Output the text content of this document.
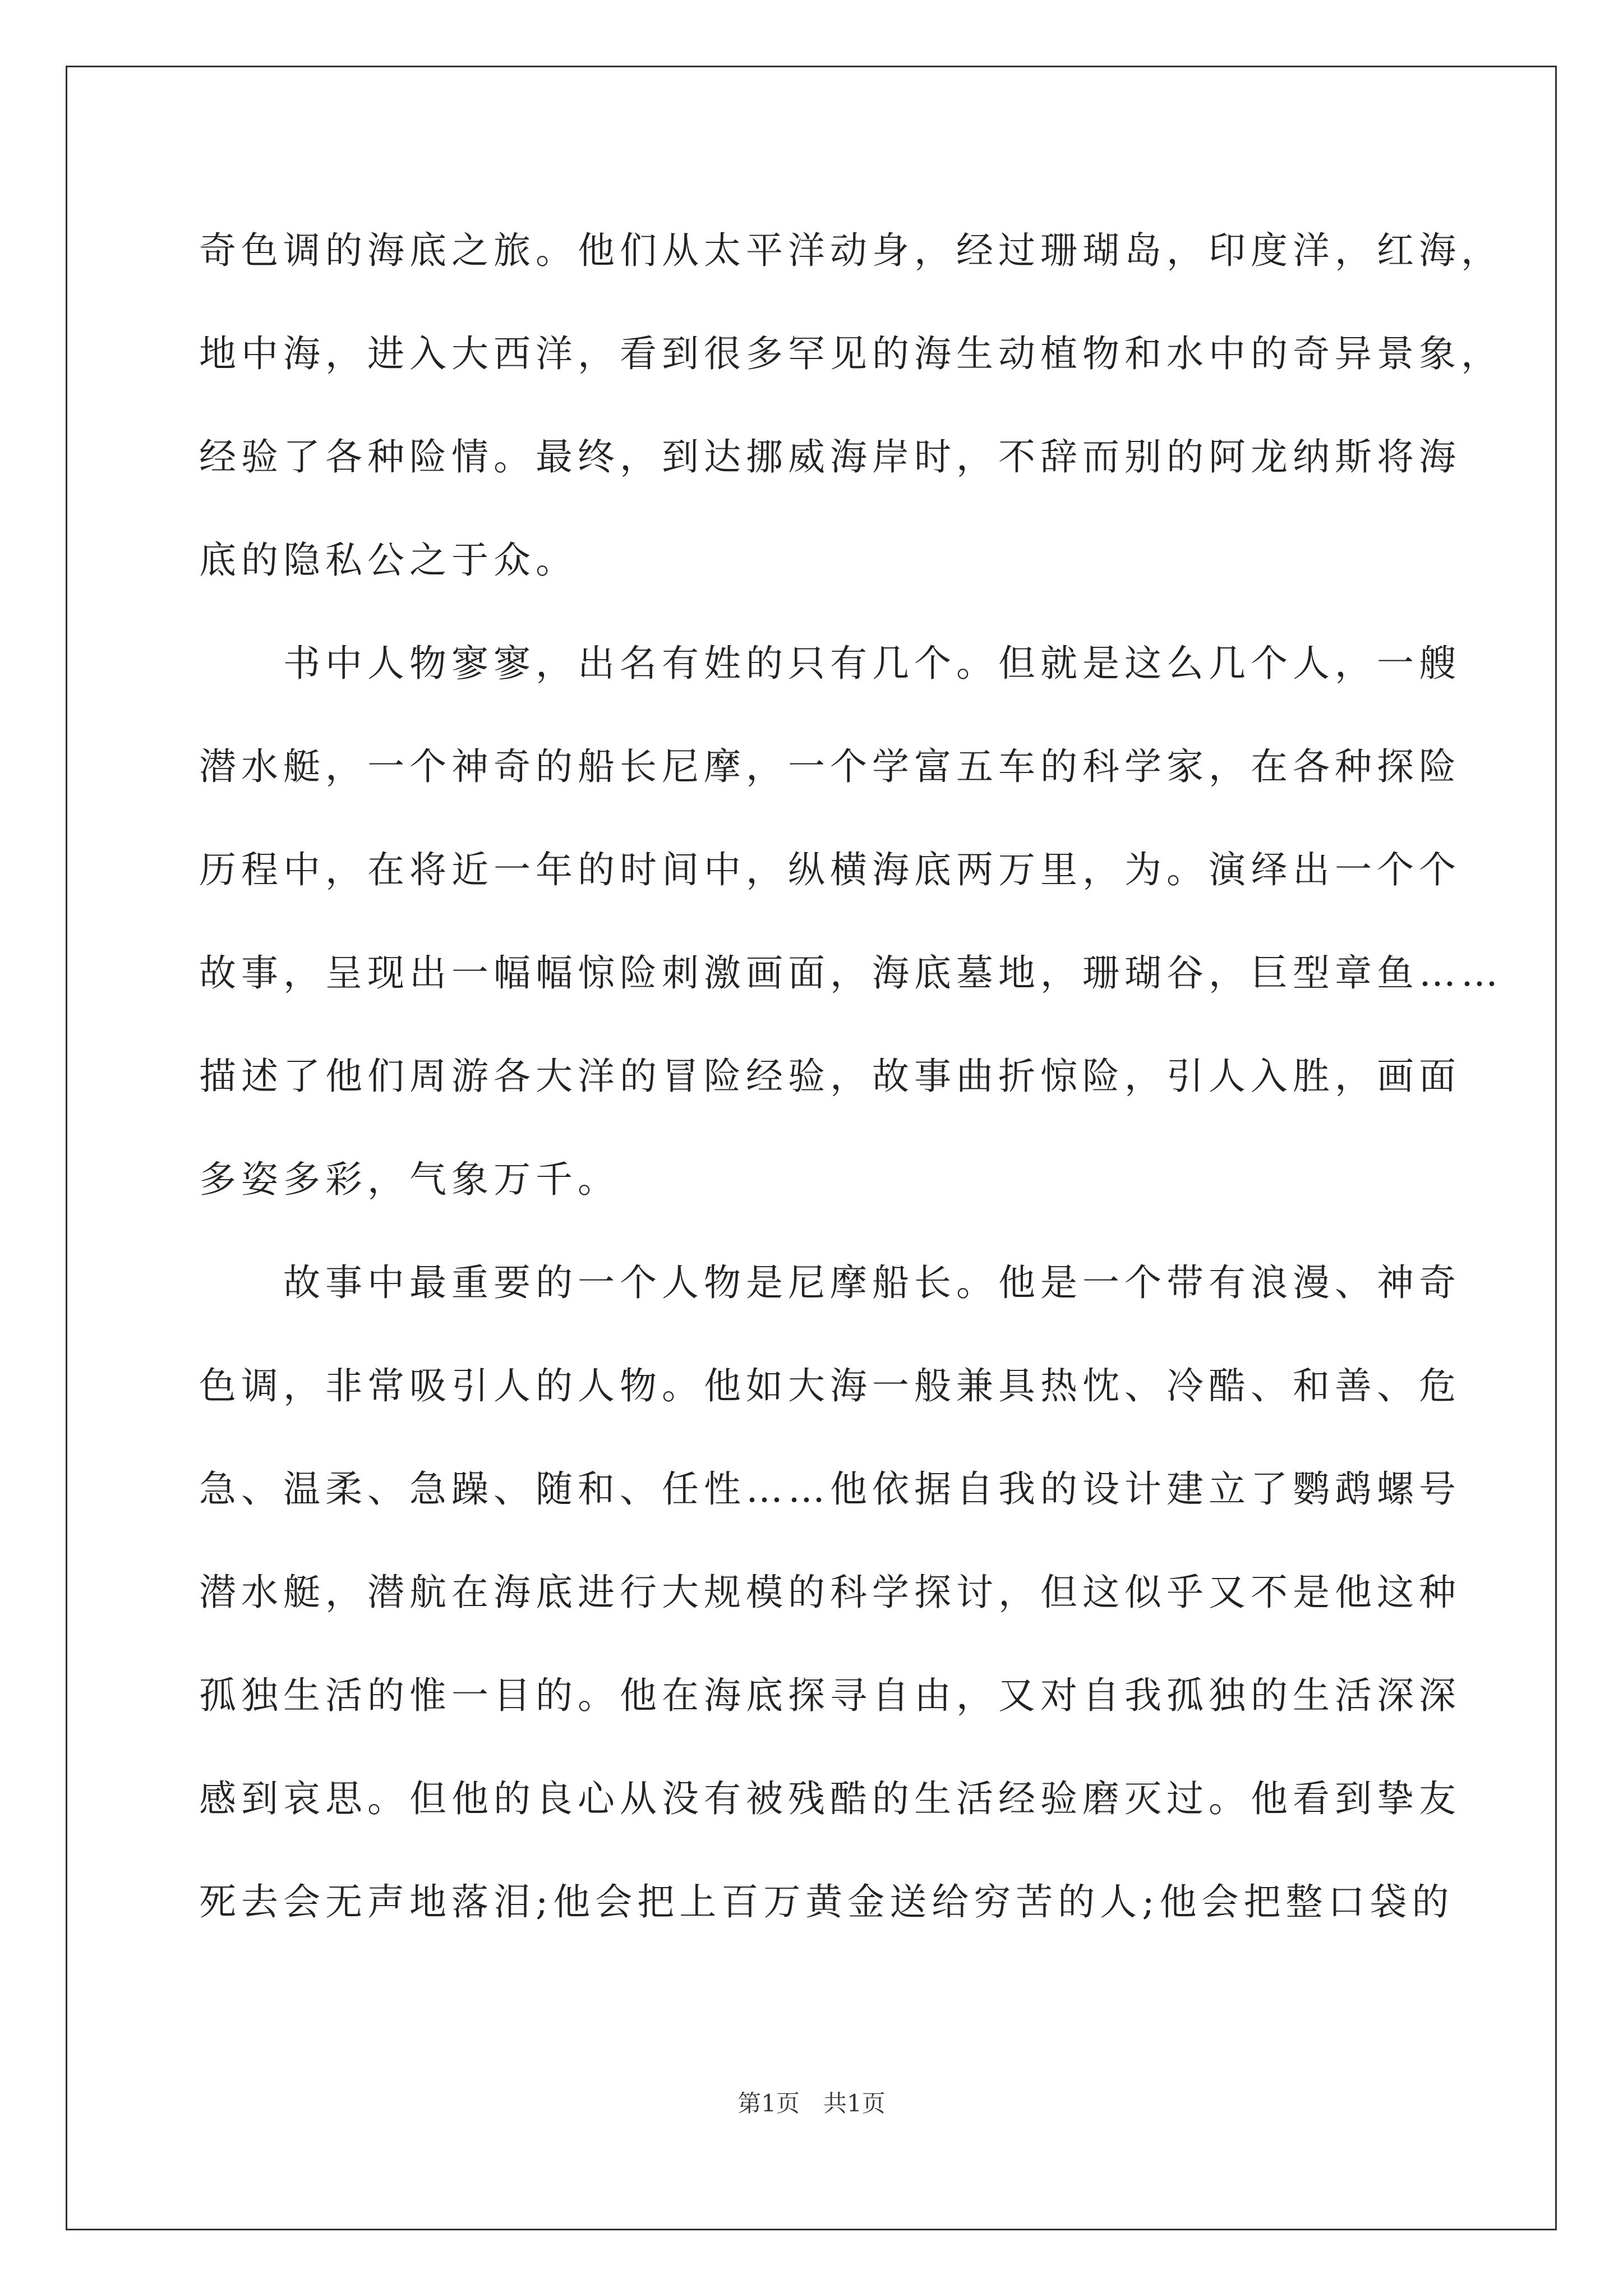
奇色调的海底之旅。他们从太平洋动身，经过珊瑚岛，印度洋，红海，
地中海，进入大西洋，看到很多罕见的海生动植物和水中的奇异景象，
经验了各种险情。最终，到达挪威海岸时，不辞而别的阿龙纳斯将海
底的隐私公之于众。
书中人物寥寥，出名有姓的只有几个。但就是这么几个人，一艘
潜水艇，一个神奇的船长尼摩，一个学富五车的科学家，在各种探险
历程中，在将近一年的时间中，纵横海底两万里，为。演绎出一个个
故事，呈现出一幅幅惊险刺激画面，海底墓地，珊瑚谷，巨型章鱼……
描述了他们周游各大洋的冒险经验，故事曲折惊险，引人入胜，画面
多姿多彩，气象万千。
故事中最重要的一个人物是尼摩船长。他是一个带有浪漫、神奇
色调，非常吸引人的人物。他如大海一般兼具热忱、冷酷、和善、危
急、温柔、急躁、随和、任性……他依据自我的设计建立了鹦鹉螺号
潜水艇，潜航在海底进行大规模的科学探讨，但这似乎又不是他这种
孤独生活的惟一目的。他在海底探寻自由，又对自我孤独的生活深深
感到哀思。但他的良心从没有被残酷的生活经验磨灭过。他看到挚友
死去会无声地落泪;他会把上百万黄金送给穷苦的人;他会把整口袋的
第1页　共1页
